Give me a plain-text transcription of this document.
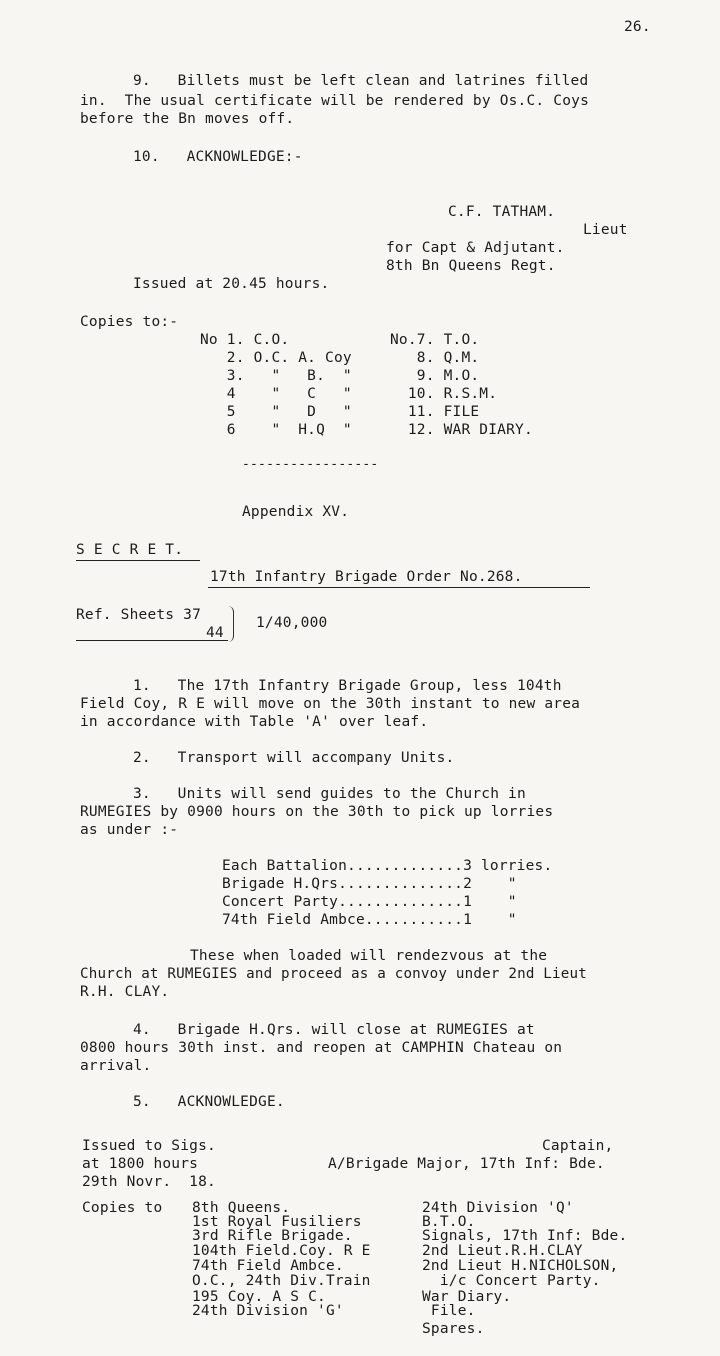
26.
9.   Billets must be left clean and latrines filled
in.  The usual certificate will be rendered by Os.C. Coys
before the Bn moves off.
10.   ACKNOWLEDGE:-
C.F. TATHAM.
Lieut
for Capt & Adjutant.
8th Bn Queens Regt.
Issued at 20.45 hours.
Copies to:-
No 1. C.O.
2. O.C. A. Coy
3.   "   B.  "
4    "   C   "
5    "   D   "
6    "  H.Q  "
No.7. T.O.
8. Q.M.
9. M.O.
10. R.S.M.
11. FILE
12. WAR DIARY.
-----------------
Appendix XV.
S E C R E T.
17th Infantry Brigade Order No.268.
Ref. Sheets 37
44
1/40,000
1.   The 17th Infantry Brigade Group, less 104th
Field Coy, R E will move on the 30th instant to new area
in accordance with Table 'A' over leaf.
2.   Transport will accompany Units.
3.   Units will send guides to the Church in
RUMEGIES by 0900 hours on the 30th to pick up lorries
as under :-
Each Battalion.............3 lorries.
Brigade H.Qrs..............2    "
Concert Party..............1    "
74th Field Ambce...........1    "
These when loaded will rendezvous at the
Church at RUMEGIES and proceed as a convoy under 2nd Lieut
R.H. CLAY.
4.   Brigade H.Qrs. will close at RUMEGIES at
0800 hours 30th inst. and reopen at CAMPHIN Chateau on
arrival.
5.   ACKNOWLEDGE.
Issued to Sigs.
at 1800 hours
29th Novr.  18.
Captain,
A/Brigade Major, 17th Inf: Bde.
Copies to 8th Queens.
1st Royal Fusiliers
3rd Rifle Brigade.
104th Field.Coy. R E
74th Field Ambce.
O.C., 24th Div.Train
195 Coy. A S C.
24th Division 'G'
24th Division 'Q'
B.T.O.
Signals, 17th Inf: Bde.
2nd Lieut.R.H.CLAY
2nd Lieut H.NICHOLSON,
i/c Concert Party.
War Diary.
File.
Spares.
